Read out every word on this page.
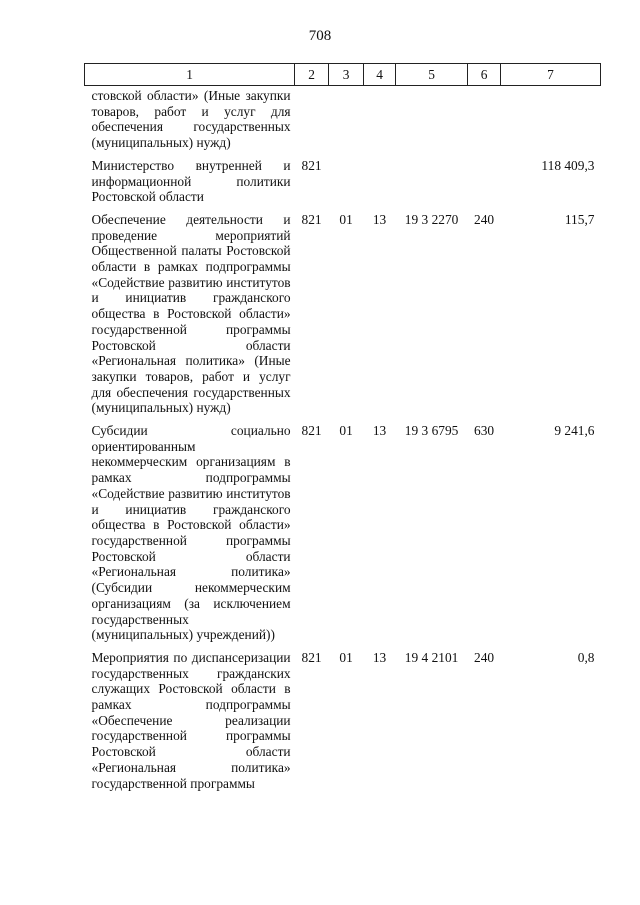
708
1	2	3	4	5	6	7
стовской области» (Иные закупки товаров, работ и услуг для обеспечения государственных (муниципальных) нужд)						
Министерство внутренней и информационной политики Ростовской области	821					118 409,3
Обеспечение деятельности и проведение мероприятий Общественной палаты Ростовской области в рамках подпрограммы «Содействие развитию институтов и инициатив гражданского общества в Ростовской области» государственной программы Ростовской области «Региональная политика» (Иные закупки товаров, работ и услуг для обеспечения государственных (муниципальных) нужд)	821	01	13	19 3 2270	240	115,7
Субсидии социально ориентированным некоммерческим организациям в рамках подпрограммы «Содействие развитию институтов и инициатив гражданского общества в Ростовской области» государственной программы Ростовской области «Региональная политика» (Субсидии некоммерческим организациям (за исключением государственных (муниципальных) учреждений))	821	01	13	19 3 6795	630	9 241,6
Мероприятия по диспансеризации государственных гражданских служащих Ростовской области в рамках подпрограммы «Обеспечение реализации государственной программы Ростовской области «Региональная политика» государственной программы	821	01	13	19 4 2101	240	0,8
